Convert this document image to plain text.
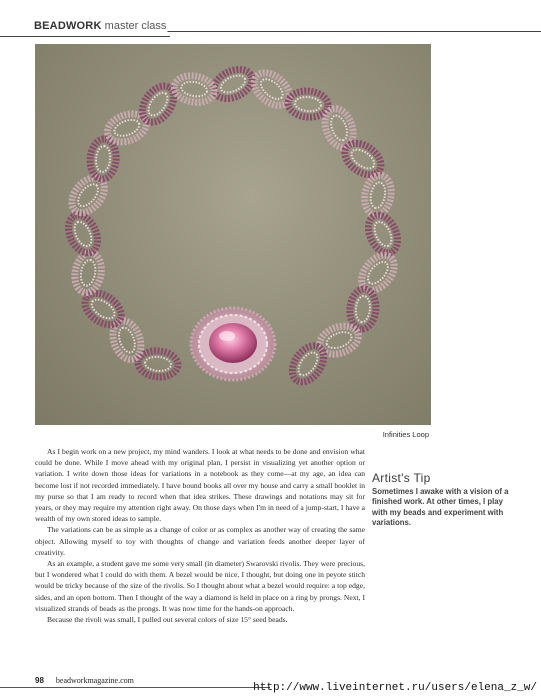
BEADWORK master class
Infinities Loop

As I begin work on a new project, my mind wanders. I look at what needs to be done and envision what could be done. While I move ahead with my original plan, I persist in visualizing yet another option or variation. I write down those ideas for variations in a notebook as they come—at my age, an idea can become lost if not recorded immediately. I have bound books all over my house and carry a small booklet in my purse so that I am ready to record when that idea strikes. These drawings and notations may sit for years, or they may require my attention right away. On those days when I'm in need of a jump-start, I have a wealth of my own stored ideas to sample.

The variations can be as simple as a change of color or as complex as another way of creating the same object. Allowing myself to toy with thoughts of change and variation feeds another deeper layer of creativity.

As an example, a student gave me some very small (in diameter) Swarovski rivolis. They were precious, but I wondered what I could do with them. A bezel would be nice, I thought, but doing one in peyote stitch would be tricky because of the size of the rivolis. So I thought about what a bezel would require: a top edge, sides, and an open bottom. Then I thought of the way a diamond is held in place on a ring by prongs. Next, I visualized strands of beads as the prongs. It was now time for the hands-on approach.

Because the rivoli was small, I pulled out several colors of size 15° seed beads.

Artist's Tip

Sometimes I awake with a vision of a finished work. At other times, I play with my beads and experiment with variations.

98 beadworkmagazine.com
http://www.liveinternet.ru/users/elena_z_w/
